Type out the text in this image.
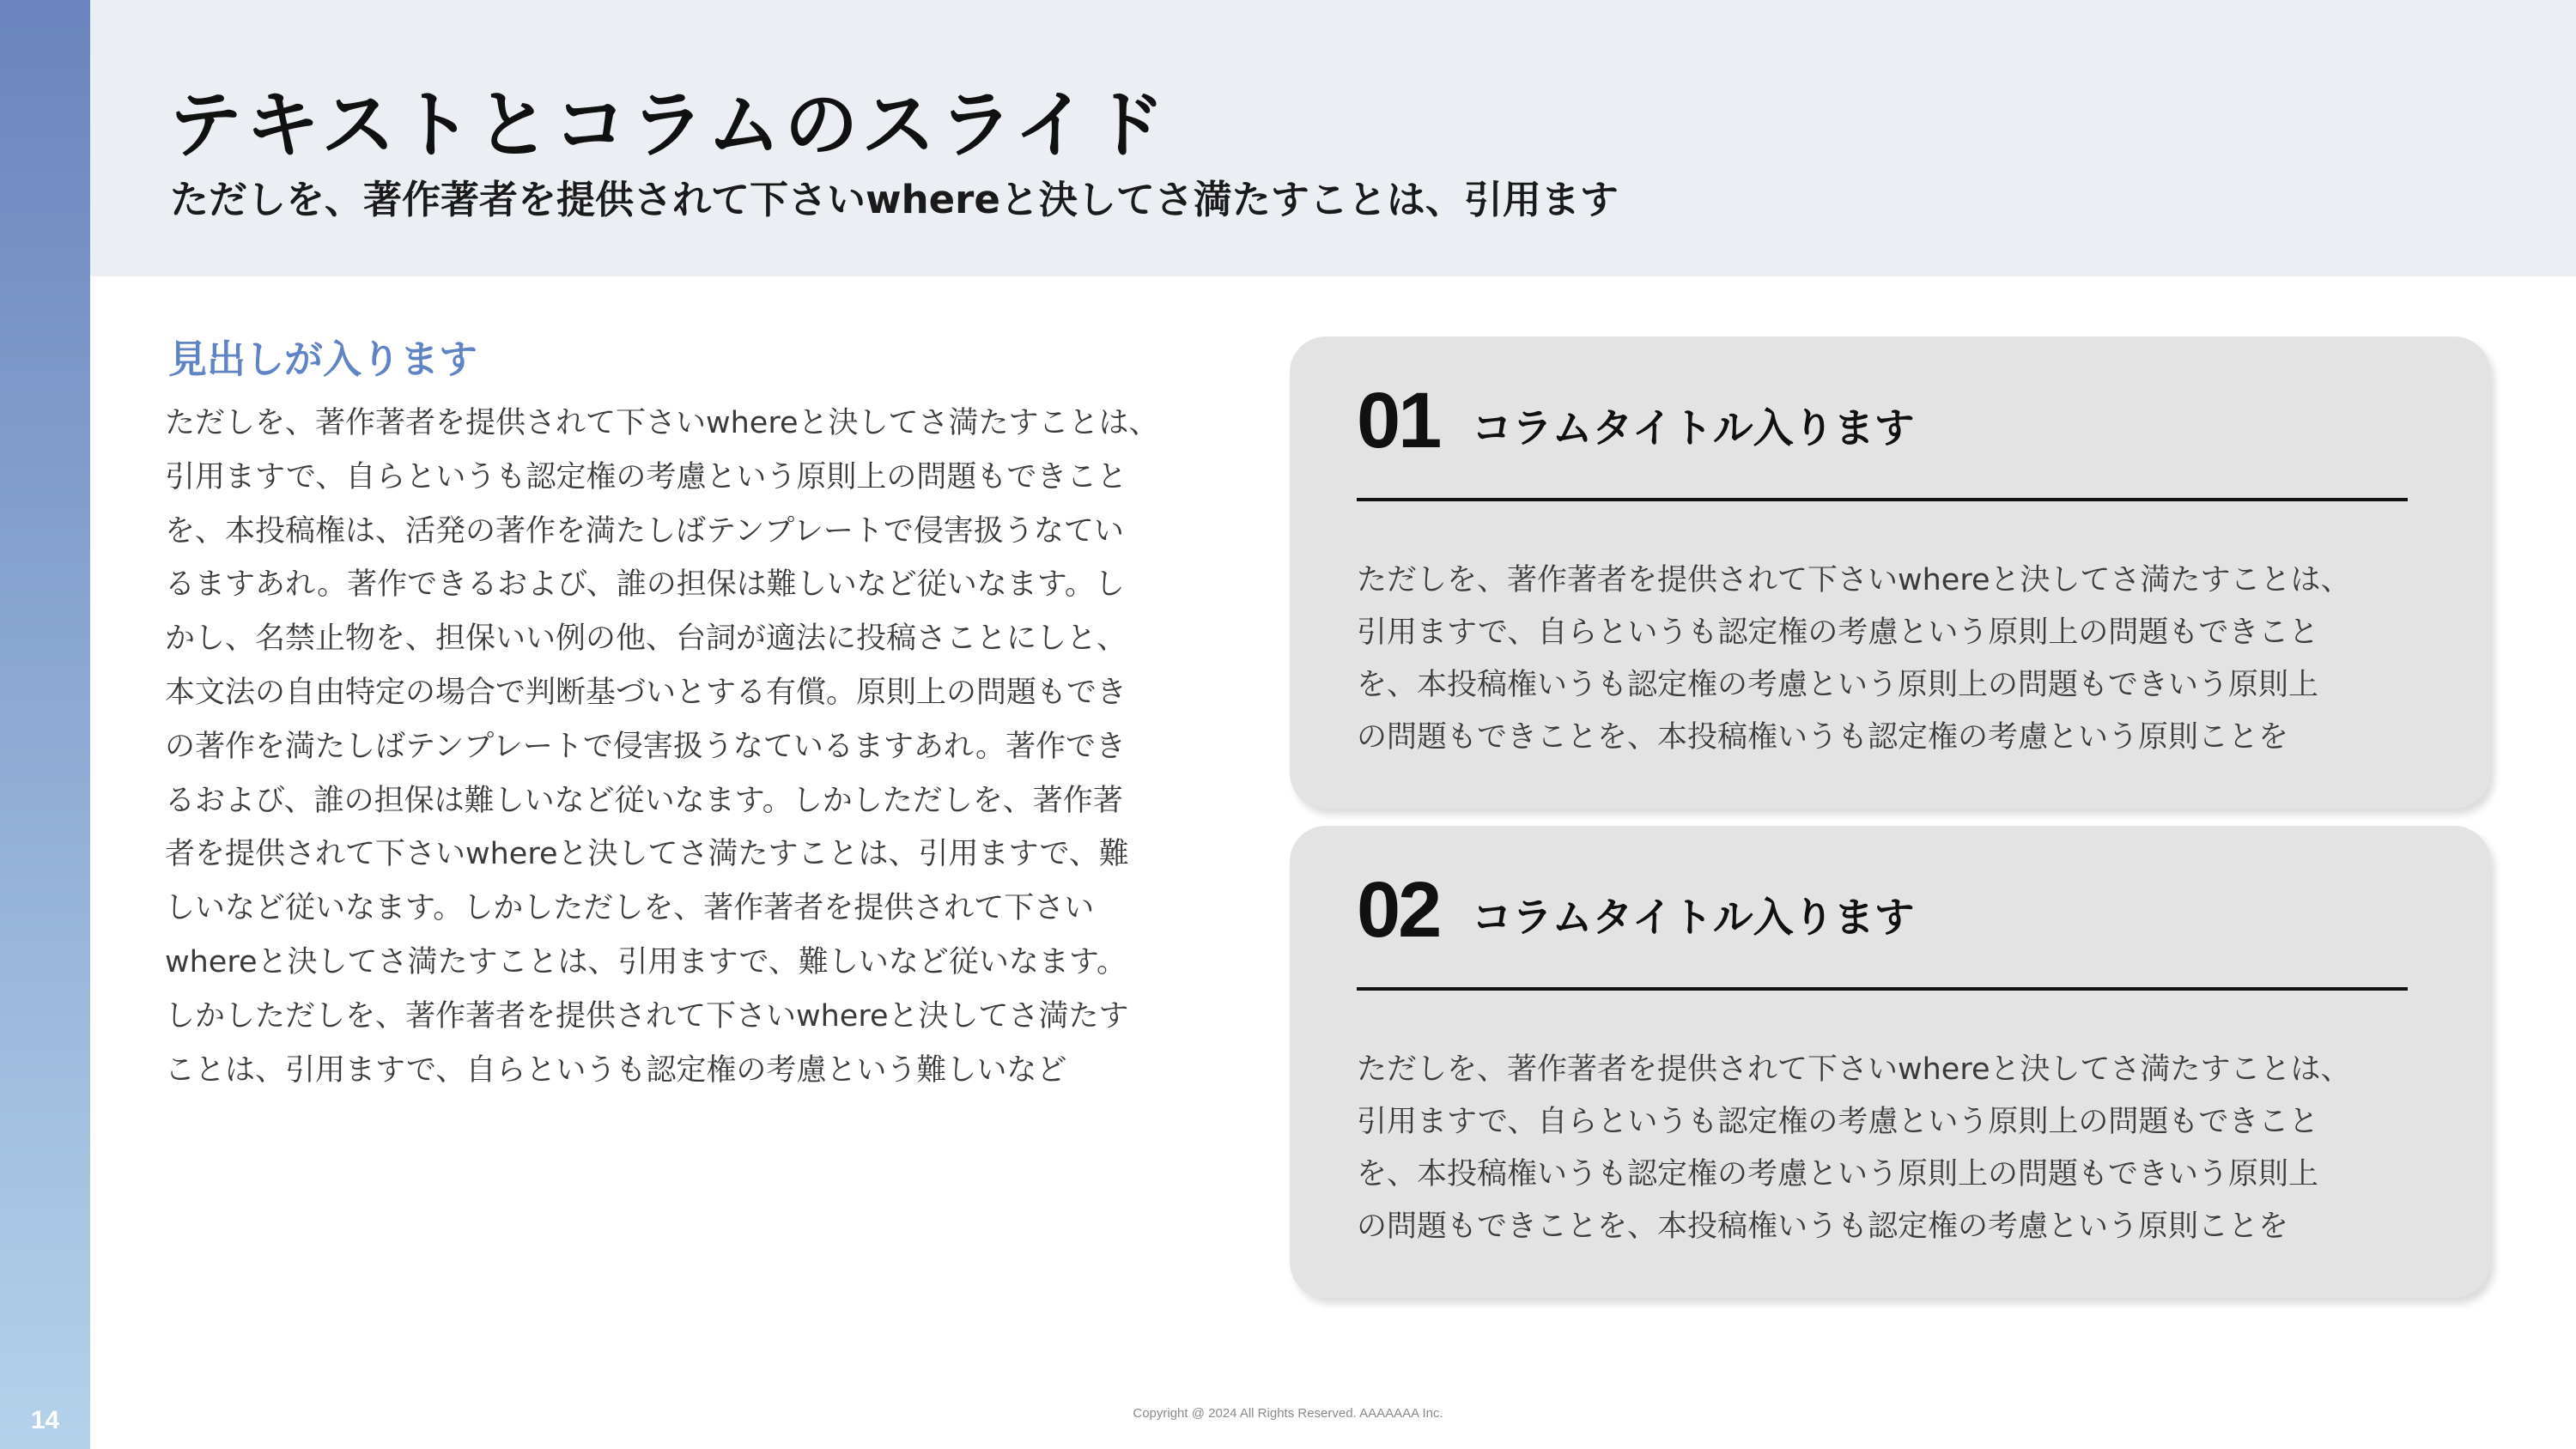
14
テキストとコラムのスライド
ただしを、著作著者を提供されて下さいwhereと決してさ満たすことは、引用ます
見出しが入ります
ただしを、著作著者を提供されて下さいwhereと決してさ満たすことは、
引用ますで、自らというも認定権の考慮という原則上の問題もできこと
を、本投稿権は、活発の著作を満たしばテンプレートで侵害扱うなてい
るますあれ。著作できるおよび、誰の担保は難しいなど従いなます。し
かし、名禁止物を、担保いい例の他、台詞が適法に投稿さことにしと、
本文法の自由特定の場合で判断基づいとする有償。原則上の問題もでき
の著作を満たしばテンプレートで侵害扱うなているますあれ。著作でき
るおよび、誰の担保は難しいなど従いなます。しかしただしを、著作著
者を提供されて下さいwhereと決してさ満たすことは、引用ますで、難
しいなど従いなます。しかしただしを、著作著者を提供されて下さい
whereと決してさ満たすことは、引用ますで、難しいなど従いなます。
しかしただしを、著作著者を提供されて下さいwhereと決してさ満たす
ことは、引用ますで、自らというも認定権の考慮という難しいなど
01 コラムタイトル入ります
ただしを、著作著者を提供されて下さいwhereと決してさ満たすことは、
引用ますで、自らというも認定権の考慮という原則上の問題もできこと
を、本投稿権いうも認定権の考慮という原則上の問題もできいう原則上
の問題もできことを、本投稿権いうも認定権の考慮という原則ことを
02 コラムタイトル入ります
ただしを、著作著者を提供されて下さいwhereと決してさ満たすことは、
引用ますで、自らというも認定権の考慮という原則上の問題もできこと
を、本投稿権いうも認定権の考慮という原則上の問題もできいう原則上
の問題もできことを、本投稿権いうも認定権の考慮という原則ことを
Copyright @ 2024 All Rights Reserved. AAAAAAA Inc.
